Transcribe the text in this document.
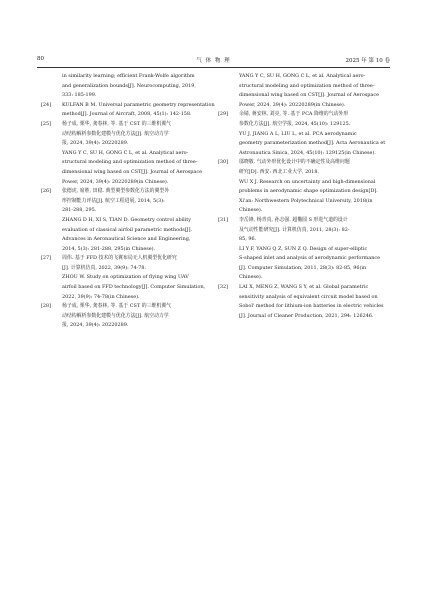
80	气 体 物 理	2025 年 第 10 卷
in similarity learning; efficient Frank-Wolfe algorithm
and generalization bounds[J]. Neurocomputing, 2019,
333: 185-199.
[24] KULFAN B M. Universal parametric geometry representation
method[J]. Journal of Aircraft, 2008, 45(1): 142-158.
[25] 杨子成, 栗华, 龚春林, 等. 基于 CST 的三维机翼气
动结构解析参数化建模与优化方法[J]. 航空动力学
报, 2024, 39(4): 20220289.
YANG Y C, SU H, GONG C L, et al. Analytical aero-
structural modeling and optimization method of three-
dimensional wing based on CST[J]. Journal of Aerospace
Power, 2024, 39(4): 20220289(in Chinese).
[26] 张德虎, 席胜, 田稳. 典型翼型参数化方法的翼型外
形控制能力评估[J]. 航空工程进展, 2014, 5(3):
281-288, 295.
ZHANG D H, XI S, TIAN D. Geometry control ability
evaluation of classical airfoil parametric methods[J].
Advances in Aeronautical Science and Engineering,
2014, 5(3): 281-288, 295(in Chinese).
[27] 周伟. 基于 FFD 技术的飞翼布局无人机翼型优化研究
[J]. 计算机仿真, 2022, 39(9): 74-78.
ZHOU W. Study on optimization of flying wing UAV
airfoil based on FFD technology[J]. Computer Simulation,
2022, 39(9): 74-78(in Chinese).
[28] 杨子成, 栗华, 龚春林, 等. 基于 CST 的三维机翼气
动结构解析参数化建模与优化方法[J]. 航空动力学
报, 2024, 39(4): 20220289.
YANG Y C, SU H, GONG C L, et al. Analytical aero-
structural modeling and optimization method of three-
dimensional wing based on CST[J]. Journal of Aerospace
Power, 2024, 39(4): 20220289(in Chinese).
[29] 余婧, 蒋安林, 刘亮, 等. 基于 PCA 降维的气动外形
参数化方法[J]. 航空学报, 2024, 45(10): 129125.
YU J, JIANG A L, LIU L, et al. PCA aerodynamic
geometry parameterization method[J]. Acta Aeronautica et
Astronautica Sinica, 2024, 45(10): 129125(in Chinese).
[30] 邬晓敬. 气动外形优化设计中的不确定性及高维问题
研究[D]. 西安: 西北工业大学, 2018.
WU X J. Research on uncertainty and high-dimensional
problems in aerodynamic shape optimization design[D].
Xi'an: Northwestern Polytechnical University, 2018(in
Chinese).
[31] 李岳锋, 杨青真, 孙志强. 超椭圆 S 形进气道的设计
及气动性能研究[J]. 计算机仿真, 2011, 28(3): 82-
85, 96.
LI Y F, YANG Q Z, SUN Z Q. Design of super-elliptic
S-shaped inlet and analysis of aerodynamic performance
[J]. Computer Simulation, 2011, 28(3): 82-85, 96(in
Chinese).
[32] LAI X, MENG Z, WANG S Y, et al. Global parametric
sensitivity analysis of equivalent circuit model based on
Sobol' method for lithium-ion batteries in electric vehicles
[J]. Journal of Cleaner Production, 2021, 294: 126246.
